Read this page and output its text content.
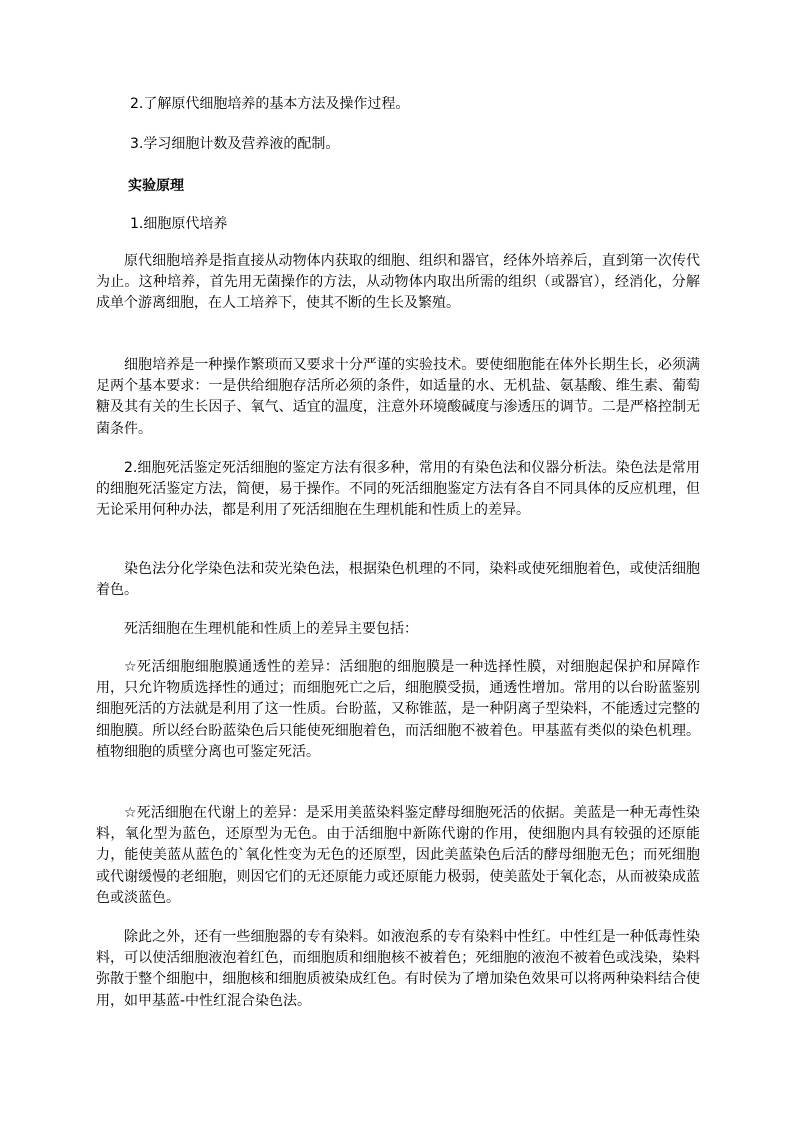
2.了解原代细胞培养的基本方法及操作过程。

3.学习细胞计数及营养液的配制。

实验原理

1.细胞原代培养

原代细胞培养是指直接从动物体内获取的细胞、组织和器官，经体外培养后，直到第一次传代为止。这种培养，首先用无菌操作的方法，从动物体内取出所需的组织（或器官），经消化，分解成单个游离细胞，在人工培养下，使其不断的生长及繁殖。

细胞培养是一种操作繁琐而又要求十分严谨的实验技术。要使细胞能在体外长期生长，必须满足两个基本要求：一是供给细胞存活所必须的条件，如适量的水、无机盐、氨基酸、维生素、葡萄糖及其有关的生长因子、氧气、适宜的温度，注意外环境酸碱度与渗透压的调节。二是严格控制无菌条件。

2.细胞死活鉴定死活细胞的鉴定方法有很多种，常用的有染色法和仪器分析法。染色法是常用的细胞死活鉴定方法，简便，易于操作。不同的死活细胞鉴定方法有各自不同具体的反应机理，但无论采用何种办法，都是利用了死活细胞在生理机能和性质上的差异。

染色法分化学染色法和荧光染色法，根据染色机理的不同，染料或使死细胞着色，或使活细胞着色。

死活细胞在生理机能和性质上的差异主要包括：

☆死活细胞细胞膜通透性的差异：活细胞的细胞膜是一种选择性膜，对细胞起保护和屏障作用，只允许物质选择性的通过；而细胞死亡之后，细胞膜受损，通透性增加。常用的以台盼蓝鉴别细胞死活的方法就是利用了这一性质。台盼蓝，又称锥蓝，是一种阴离子型染料，不能透过完整的细胞膜。所以经台盼蓝染色后只能使死细胞着色，而活细胞不被着色。甲基蓝有类似的染色机理。植物细胞的质壁分离也可鉴定死活。

☆死活细胞在代谢上的差异：是采用美蓝染料鉴定酵母细胞死活的依据。美蓝是一种无毒性染料，氧化型为蓝色，还原型为无色。由于活细胞中新陈代谢的作用，使细胞内具有较强的还原能力，能使美蓝从蓝色的`氧化性变为无色的还原型，因此美蓝染色后活的酵母细胞无色；而死细胞或代谢缓慢的老细胞，则因它们的无还原能力或还原能力极弱，使美蓝处于氧化态，从而被染成蓝色或淡蓝色。

除此之外，还有一些细胞器的专有染料。如液泡系的专有染料中性红。中性红是一种低毒性染料，可以使活细胞液泡着红色，而细胞质和细胞核不被着色；死细胞的液泡不被着色或浅染，染料弥散于整个细胞中，细胞核和细胞质被染成红色。有时侯为了增加染色效果可以将两种染料结合使用，如甲基蓝-中性红混合染色法。
